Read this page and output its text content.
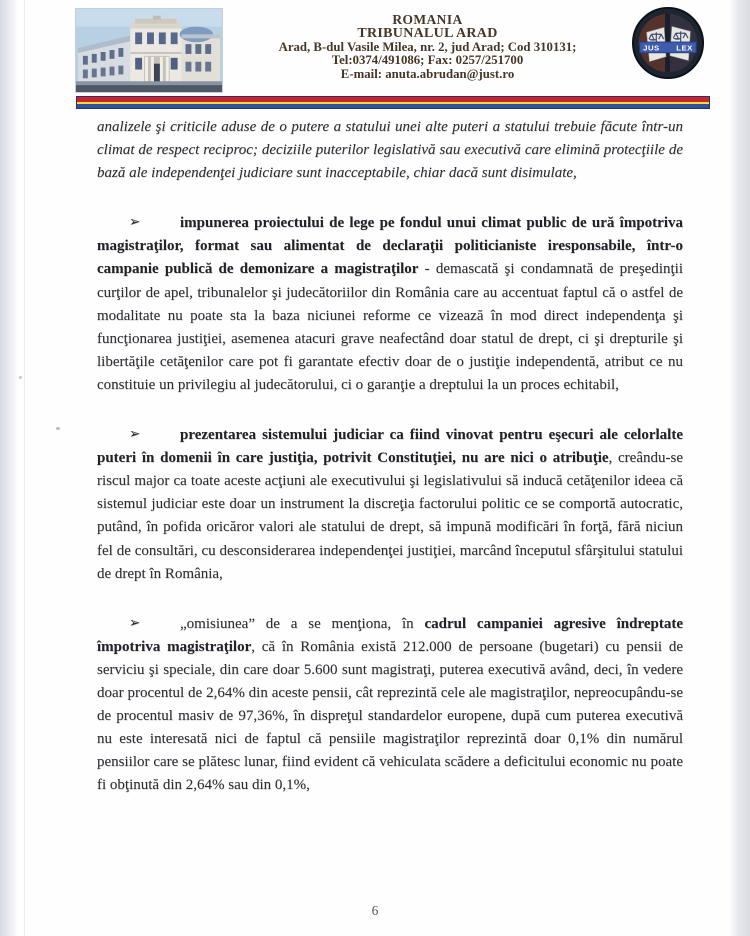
ROMANIA
TRIBUNALUL ARAD
Arad, B-dul Vasile Milea, nr. 2, jud Arad; Cod 310131;
Tel:0374/491086; Fax: 0257/251700
E-mail: anuta.abrudan@just.ro
JUS LEX

analizele şi criticile aduse de o putere a statului unei alte puteri a statului trebuie făcute într-un climat de respect reciproc; deciziile puterilor legislativă sau executivă care elimină protecţiile de bază ale independenţei judiciare sunt inacceptabile, chiar dacă sunt disimulate,

➢	impunerea proiectului de lege pe fondul unui climat public de ură împotriva magistraţilor, format sau alimentat de declaraţii politicianiste iresponsabile, într-o campanie publică de demonizare a magistraţilor - demascată şi condamnată de preşedinţii curţilor de apel, tribunalelor şi judecătoriilor din România care au accentuat faptul că o astfel de modalitate nu poate sta la baza niciunei reforme ce vizează în mod direct independenţa şi funcţionarea justiţiei, asemenea atacuri grave neafectând doar statul de drept, ci şi drepturile şi libertăţile cetăţenilor care pot fi garantate efectiv doar de o justiţie independentă, atribut ce nu constituie un privilegiu al judecătorului, ci o garanţie a dreptului la un proces echitabil,

➢	prezentarea sistemului judiciar ca fiind vinovat pentru eşecuri ale celorlalte puteri în domenii în care justiţia, potrivit Constituţiei, nu are nici o atribuţie, creându-se riscul major ca toate aceste acţiuni ale executivului şi legislativului să inducă cetăţenilor ideea că sistemul judiciar este doar un instrument la discreţia factorului politic ce se comportă autocratic, putând, în pofida oricăror valori ale statului de drept, să impună modificări în forţă, fără niciun fel de consultări, cu desconsiderarea independenţei justiţiei, marcând începutul sfârşitului statului de drept în România,

➢	„omisiunea” de a se menţiona, în cadrul campaniei agresive îndreptate împotriva magistraţilor, că în România există 212.000 de persoane (bugetari) cu pensii de serviciu şi speciale, din care doar 5.600 sunt magistraţi, puterea executivă având, deci, în vedere doar procentul de 2,64% din aceste pensii, cât reprezintă cele ale magistraţilor, nepreocupându-se de procentul masiv de 97,36%, în dispreţul standardelor europene, după cum puterea executivă nu este interesată nici de faptul că pensiile magistraţilor reprezintă doar 0,1% din numărul pensiilor care se plătesc lunar, fiind evident că vehiculata scădere a deficitului economic nu poate fi obţinută din 2,64% sau din 0,1%,

6
